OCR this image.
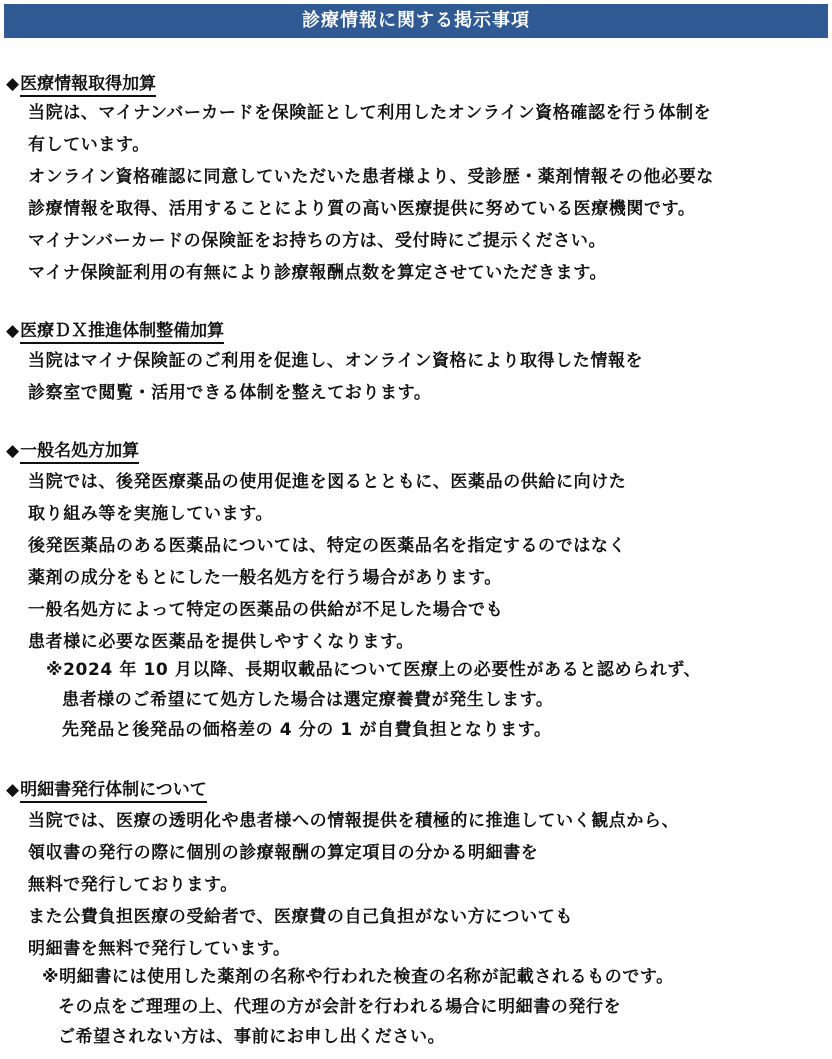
診療情報に関する掲示事項
◆医療情報取得加算
当院は、マイナンバーカードを保険証として利用したオンライン資格確認を行う体制を
有しています。
オンライン資格確認に同意していただいた患者様より、受診歴・薬剤情報その他必要な
診療情報を取得、活用することにより質の高い医療提供に努めている医療機関です。
マイナンバーカードの保険証をお持ちの方は、受付時にご提示ください。
マイナ保険証利用の有無により診療報酬点数を算定させていただきます。
◆医療ＤＸ推進体制整備加算
当院はマイナ保険証のご利用を促進し、オンライン資格により取得した情報を
診察室で閲覧・活用できる体制を整えております。
◆一般名処方加算
当院では、後発医療薬品の使用促進を図るとともに、医薬品の供給に向けた
取り組み等を実施しています。
後発医薬品のある医薬品については、特定の医薬品名を指定するのではなく
薬剤の成分をもとにした一般名処方を行う場合があります。
一般名処方によって特定の医薬品の供給が不足した場合でも
患者様に必要な医薬品を提供しやすくなります。
※2024 年 10 月以降、長期収載品について医療上の必要性があると認められず、
患者様のご希望にて処方した場合は選定療養費が発生します。
先発品と後発品の価格差の 4 分の 1 が自費負担となります。
◆明細書発行体制について
当院では、医療の透明化や患者様への情報提供を積極的に推進していく観点から、
領収書の発行の際に個別の診療報酬の算定項目の分かる明細書を
無料で発行しております。
また公費負担医療の受給者で、医療費の自己負担がない方についても
明細書を無料で発行しています。
※明細書には使用した薬剤の名称や行われた検査の名称が記載されるものです。
その点をご理理の上、代理の方が会計を行われる場合に明細書の発行を
ご希望されない方は、事前にお申し出ください。
